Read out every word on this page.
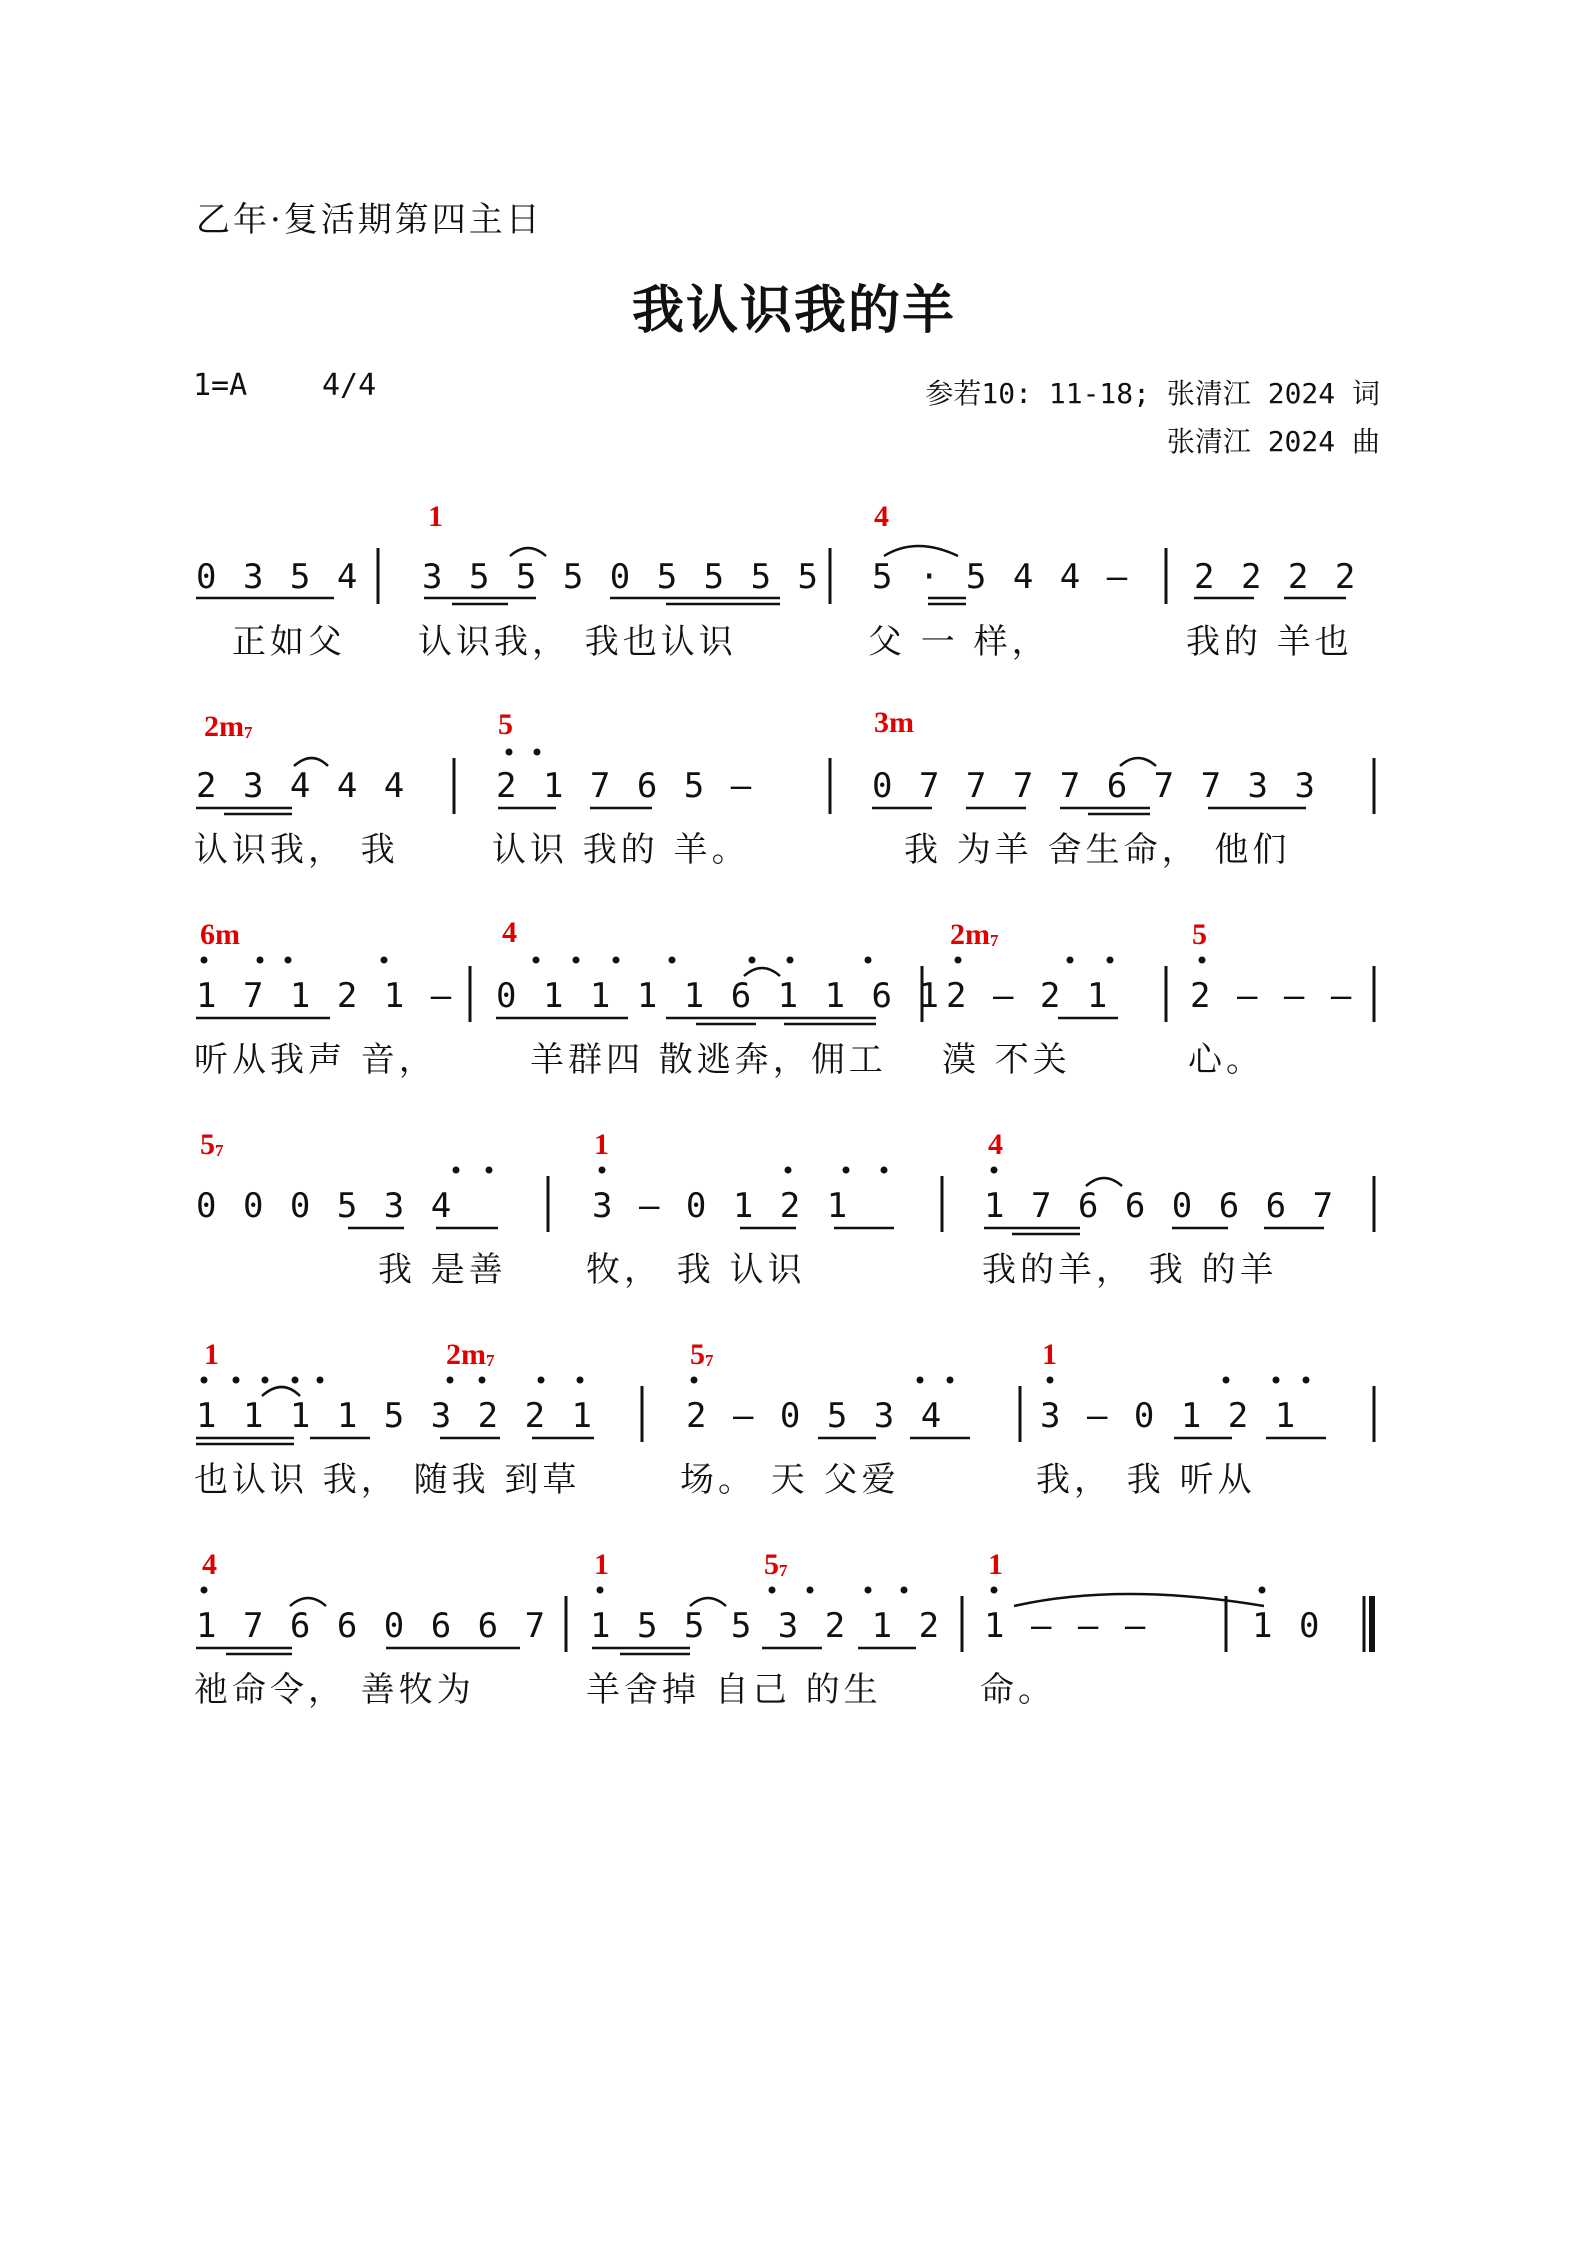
乙年·复活期第四主日
我认识我的羊
1=A 4/4	参若10: 11-18; 张清江 2024 词
张清江 2024 曲
1	4
0 3 5 4 3 5 5 5 0 5 5 5 5 5 · 5 4 4 – 2 2 2 2
正如父 认识我， 我也认识	父 一 样，	我的 羊也
$2m_7$	5	3m
2 3 4 4 4	2 1 7 6 5 –	0 7 7 7 7 6 7 7 3 3
认识我， 我	认识 我的 羊。	我 为羊 舍生命， 他们
6m	4	$2m_7$	5
1 7 1 2 1 – 0 1 1 1 1 6 1 1 6 1 2 – 2 1 2 – – –
听从我声 音，	羊群四 散逃奔，佣工 漠 不关	心。
$5_7$	1	4
0 0 0 5 3 4	3 – 0 1 2 1	1 7 6 6 0 6 6 7
我 是善 牧， 我 认识	我的羊， 我 的羊
1	$2m_7$	$5_7$	1
1 1 1 1 5 3 2 2 1	2 – 0 5 3 4	3 – 0 1 2 1
也认识 我， 随我 到草	场。 天 父爱	我， 我 听从
4	1	$5_7$	1
1 7 6 6 0 6 6 7 1 5 5 5 3 2 1 2 1 – – –	1 0
祂命令， 善牧为	羊舍掉 自己 的生	命。
